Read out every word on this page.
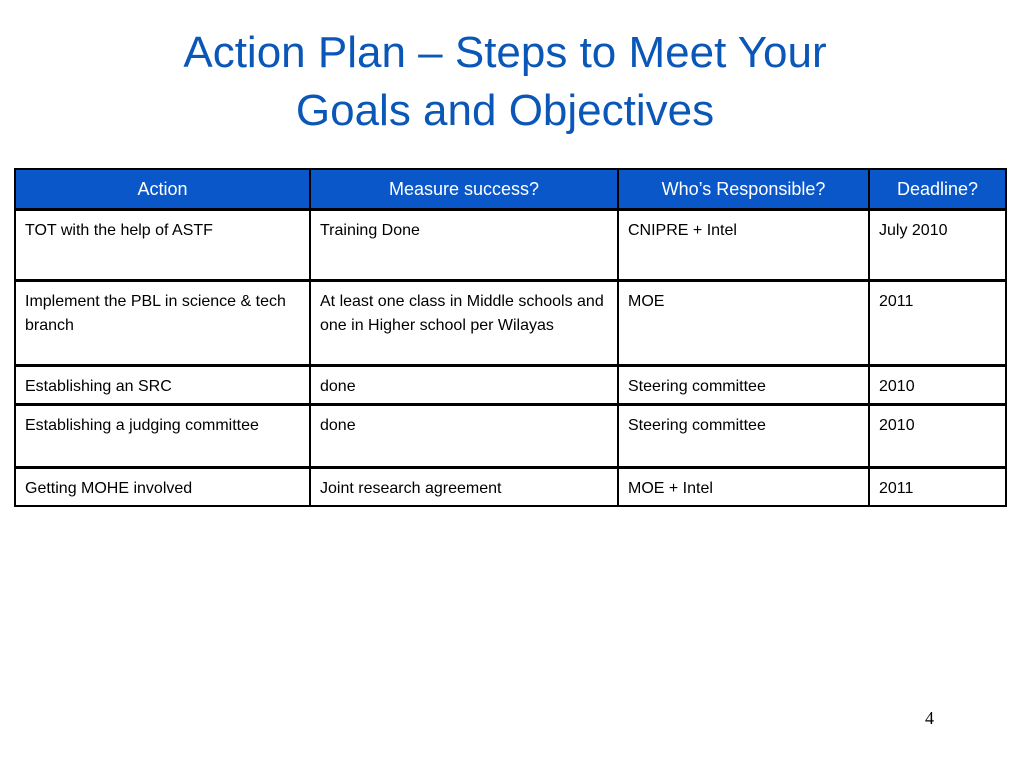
Action Plan – Steps to Meet Your
Goals and Objectives
Action	Measure success?	Who’s Responsible?	Deadline?
TOT with the help of ASTF	Training Done	CNIPRE + Intel	July 2010
Implement the PBL in science & tech branch	At least one class in Middle schools and one in Higher school per Wilayas	MOE	2011
Establishing an SRC	done	Steering committee	2010
Establishing a judging committee	done	Steering committee	2010
Getting MOHE involved	Joint research agreement	MOE + Intel	2011
4
